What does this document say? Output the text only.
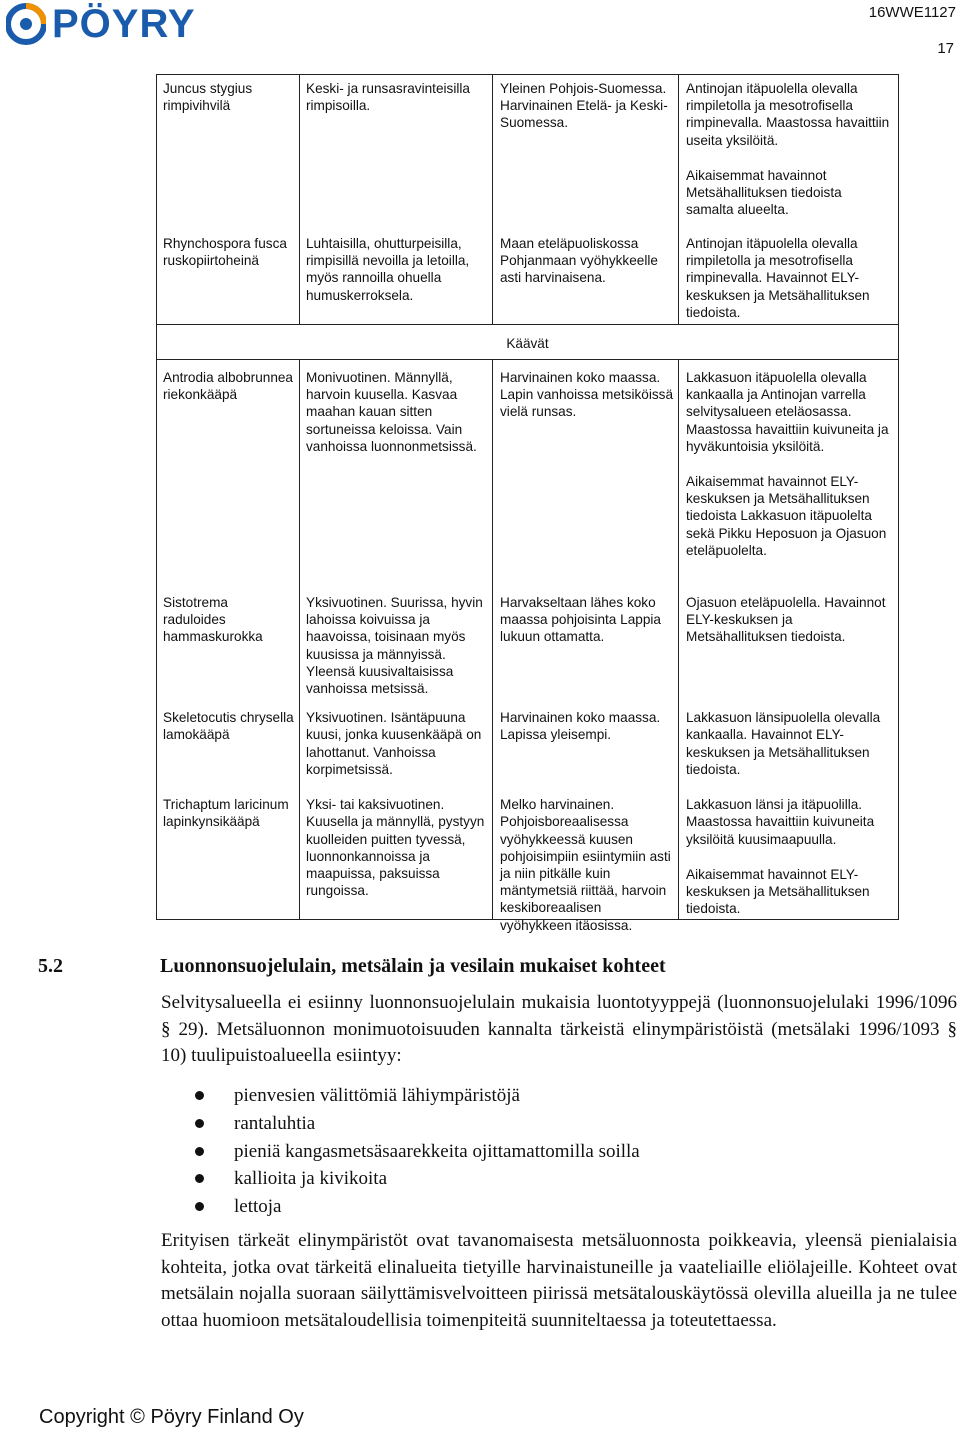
PÖYRY	16WWE1127
17
Juncus stygius rimpivihvilä	Keski- ja runsasravinteisilla rimpisoilla.	Yleinen Pohjois-Suomessa. Harvinainen Etelä- ja Keski-Suomessa.	Antinojan itäpuolella olevalla rimpiletolla ja mesotrofisella rimpinevalla. Maastossa havaittiin useita yksilöitä.

Aikaisemmat havainnot Metsähallituksen tiedoista samalta alueelta.

Rhynchospora fusca ruskopiirtoheinä	Luhtaisilla, ohutturpeisilla, rimpisillä nevoilla ja letoilla, myös rannoilla ohuella humuskerroksela.	Maan eteläpuoliskossa Pohjanmaan vyöhykkeelle asti harvinaisena.	Antinojan itäpuolella olevalla rimpiletolla ja mesotrofisella rimpinevalla. Havainnot ELY-keskuksen ja Metsähallituksen tiedoista.
Käävät			
Antrodia albobrunnea riekonkääpä	Monivuotinen. Männyllä, harvoin kuusella. Kasvaa maahan kauan sitten sortuneissa keloissa. Vain vanhoissa luonnonmetsissä.	Harvinainen koko maassa. Lapin vanhoissa metsiköissä vielä runsas.	Lakkasuon itäpuolella olevalla kankaalla ja Antinojan varrella selvitysalueen eteläosassa. Maastossa havaittiin kuivuneita ja hyväkuntoisia yksilöitä.

Aikaisemmat havainnot ELY-keskuksen ja Metsähallituksen tiedoista Lakkasuon itäpuolelta sekä Pikku Heposuon ja Ojasuon eteläpuolelta.

Sistotrema raduloides hammaskurokka	Yksivuotinen. Suurissa, hyvin lahoissa koivuissa ja haavoissa, toisinaan myös kuusissa ja männyissä. Yleensä kuusivaltaisissa vanhoissa metsissä.	Harvakseltaan lähes koko maassa pohjoisinta Lappia lukuun ottamatta.	Ojasuon eteläpuolella. Havainnot ELY-keskuksen ja Metsähallituksen tiedoista.
Skeletocutis chrysella lamokääpä	Yksivuotinen. Isäntäpuuna kuusi, jonka kuusenkääpä on lahottanut. Vanhoissa korpimetsissä.	Harvinainen koko maassa. Lapissa yleisempi.	Lakkasuon länsipuolella olevalla kankaalla. Havainnot ELY-keskuksen ja Metsähallituksen tiedoista.
Trichaptum laricinum lapinkynsikääpä	Yksi- tai kaksivuotinen. Kuusella ja männyllä, pystyyn kuolleiden puitten tyvessä, luonnonkannoissa ja maapuissa, paksuissa rungoissa.	Melko harvinainen. Pohjoisboreaalisessa vyöhykkeessä kuusen pohjoisimpiin esiintymiin asti ja niin pitkälle kuin mäntymetsiä riittää, harvoin keskiboreaalisen vyöhykkeen itäosissa.	Lakkasuon länsi ja itäpuolilla. Maastossa havaittiin kuivuneita yksilöitä kuusimaapuulla.

Aikaisemmat havainnot ELY-keskuksen ja Metsähallituksen tiedoista.

5.2	Luonnonsuojelulain, metsälain ja vesilain mukaiset kohteet
Selvitysalueella ei esiinny luonnonsuojelulain mukaisia luontotyyppejä (luonnonsuojelulaki 1996/1096 § 29). Metsäluonnon monimuotoisuuden kannalta tärkeistä elinympäristöistä (metsälaki 1996/1093 § 10) tuulipuistoalueella esiintyy:
pienvesien välittömiä lähiympäristöjä
rantaluhtia
pieniä kangasmetsäsaarekkeita ojittamattomilla soilla
kallioita ja kivikoita
lettoja
Erityisen tärkeät elinympäristöt ovat tavanomaisesta metsäluonnosta poikkeavia, yleensä pienialaisia kohteita, jotka ovat tärkeitä elinalueita tietyille harvinaistuneille ja vaateliaille eliölajeille. Kohteet ovat metsälain nojalla suoraan säilyttämisvelvoitteen piirissä metsätalouskäytössä olevilla alueilla ja ne tulee ottaa huomioon metsätaloudellisia toimenpiteitä suunniteltaessa ja toteutettaessa.
Copyright © Pöyry Finland Oy
